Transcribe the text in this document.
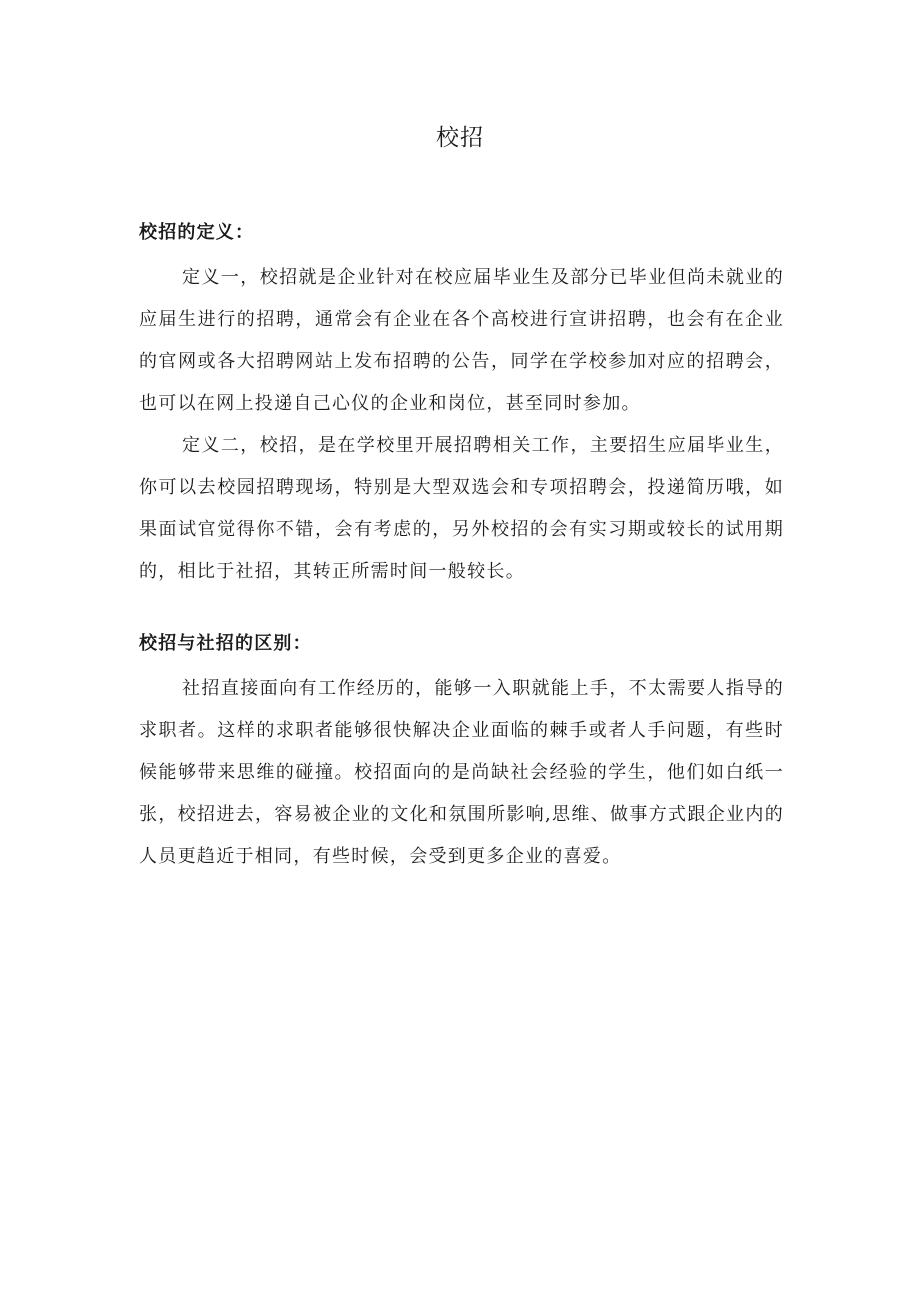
校招
校招的定义：

定义一，校招就是企业针对在校应届毕业生及部分已毕业但尚未就业的应届生进行的招聘，通常会有企业在各个高校进行宣讲招聘，也会有在企业的官网或各大招聘网站上发布招聘的公告，同学在学校参加对应的招聘会，也可以在网上投递自己心仪的企业和岗位，甚至同时参加。

定义二，校招，是在学校里开展招聘相关工作，主要招生应届毕业生，你可以去校园招聘现场，特别是大型双选会和专项招聘会，投递简历哦，如果面试官觉得你不错，会有考虑的，另外校招的会有实习期或较长的试用期的，相比于社招，其转正所需时间一般较长。

校招与社招的区别：

社招直接面向有工作经历的，能够一入职就能上手，不太需要人指导的求职者。这样的求职者能够很快解决企业面临的棘手或者人手问题，有些时候能够带来思维的碰撞。校招面向的是尚缺社会经验的学生，他们如白纸一张，校招进去，容易被企业的文化和氛围所影响,思维、做事方式跟企业内的人员更趋近于相同，有些时候，会受到更多企业的喜爱。
